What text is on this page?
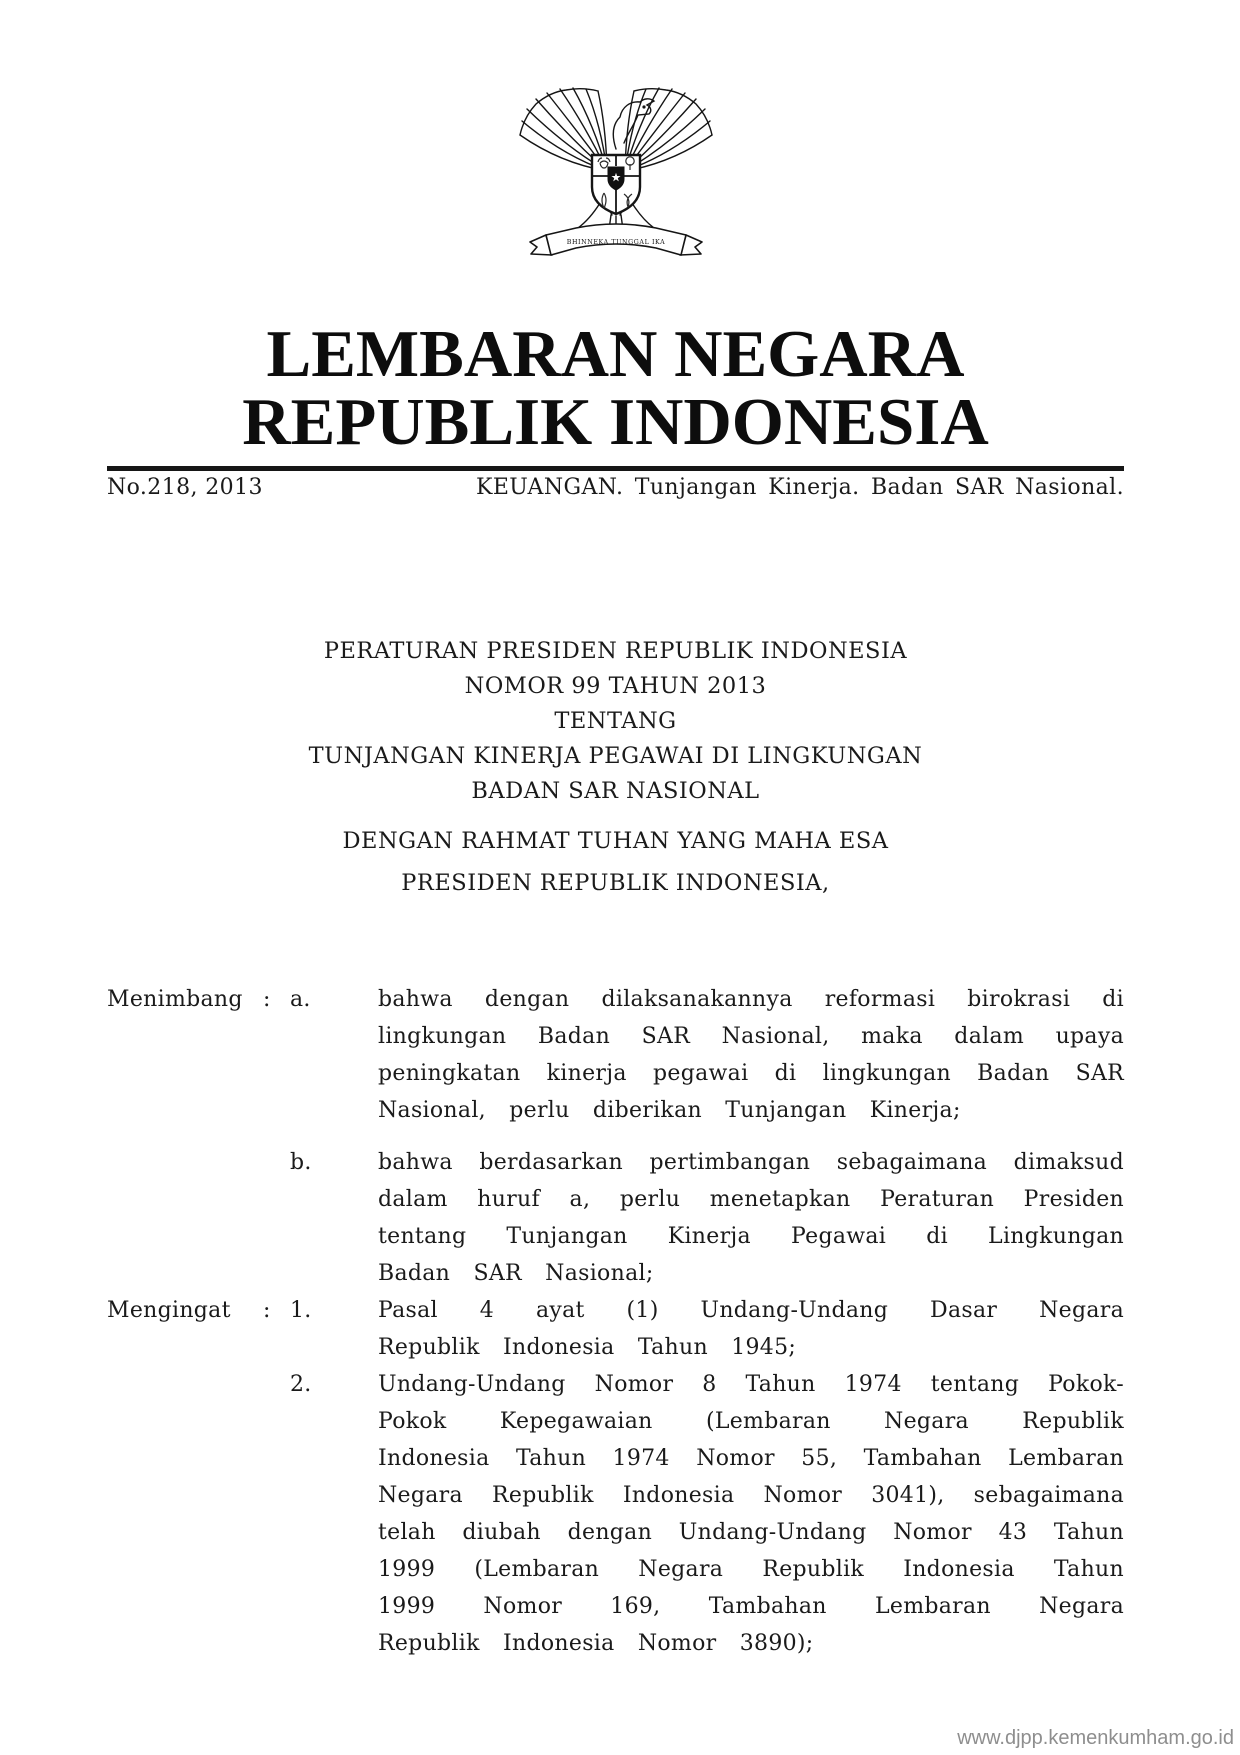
BHINNEKA TUNGGAL IKA
LEMBARAN NEGARA
REPUBLIK INDONESIA
No.218, 2013	KEUANGAN. Tunjangan Kinerja. Badan SAR Nasional.
PERATURAN PRESIDEN REPUBLIK INDONESIA
NOMOR 99 TAHUN 2013
TENTANG
TUNJANGAN KINERJA PEGAWAI DI LINGKUNGAN
BADAN SAR NASIONAL
DENGAN RAHMAT TUHAN YANG MAHA ESA
PRESIDEN REPUBLIK INDONESIA,
Menimbang : a.	bahwa dengan dilaksanakannya reformasi birokrasi di lingkungan Badan SAR Nasional, maka dalam upaya peningkatan kinerja pegawai di lingkungan Badan SAR Nasional, perlu diberikan Tunjangan Kinerja;
b.	bahwa berdasarkan pertimbangan sebagaimana dimaksud dalam huruf a, perlu menetapkan Peraturan Presiden tentang Tunjangan Kinerja Pegawai di Lingkungan Badan SAR Nasional;
Mengingat	: 1.	Pasal 4 ayat (1) Undang-Undang Dasar Negara Republik Indonesia Tahun 1945;
2.	Undang-Undang Nomor 8 Tahun 1974 tentang Pokok-Pokok Kepegawaian (Lembaran Negara Republik Indonesia Tahun 1974 Nomor 55, Tambahan Lembaran Negara Republik Indonesia Nomor 3041), sebagaimana telah diubah dengan Undang-Undang Nomor 43 Tahun 1999 (Lembaran Negara Republik Indonesia Tahun 1999 Nomor 169, Tambahan Lembaran Negara Republik Indonesia Nomor 3890);
www.djpp.kemenkumham.go.id
